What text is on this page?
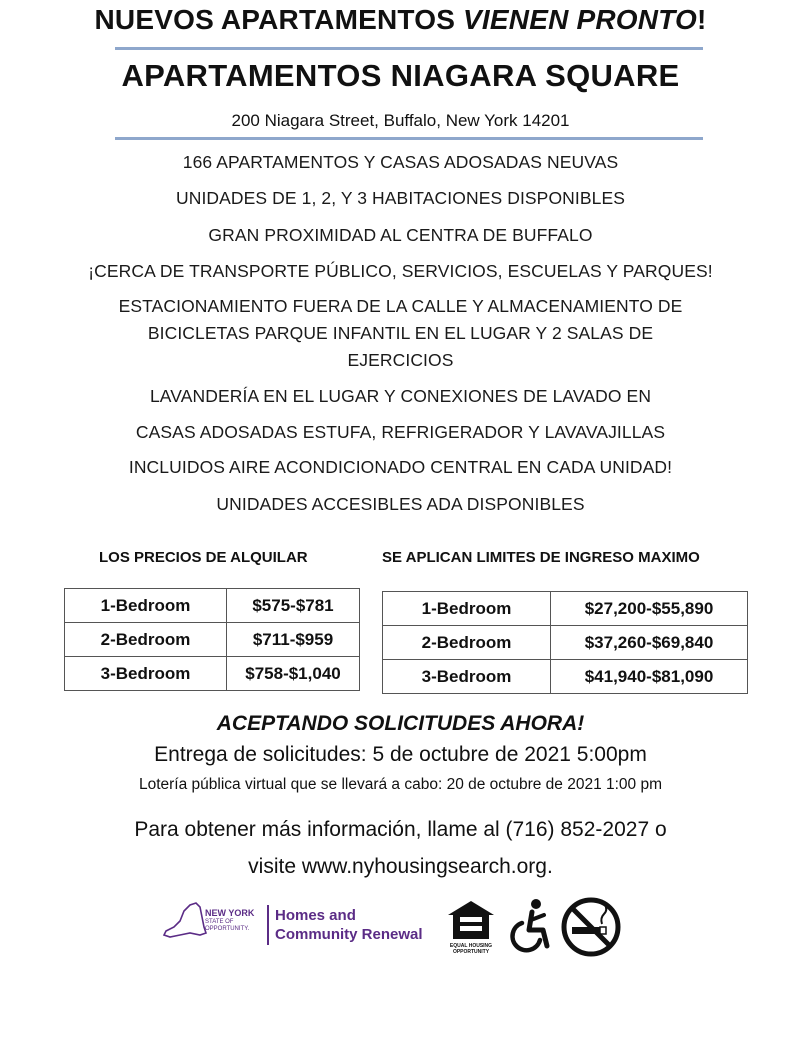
NUEVOS APARTAMENTOS VIENEN PRONTO!
APARTAMENTOS NIAGARA SQUARE
200 Niagara Street, Buffalo, New York 14201
166 APARTAMENTOS Y CASAS ADOSADAS NEUVAS
UNIDADES DE 1, 2, Y 3 HABITACIONES DISPONIBLES
GRAN PROXIMIDAD AL CENTRA DE BUFFALO
¡CERCA DE TRANSPORTE PÚBLICO, SERVICIOS, ESCUELAS Y PARQUES!
ESTACIONAMIENTO FUERA DE LA CALLE Y ALMACENAMIENTO DE
BICICLETAS PARQUE INFANTIL EN EL LUGAR Y 2 SALAS DE
EJERCICIOS
LAVANDERÍA EN EL LUGAR Y CONEXIONES DE LAVADO EN
CASAS ADOSADAS ESTUFA, REFRIGERADOR Y LAVAVAJILLAS
INCLUIDOS AIRE ACONDICIONADO CENTRAL EN CADA UNIDAD!
UNIDADES ACCESIBLES ADA DISPONIBLES
LOS PRECIOS DE ALQUILAR	SE APLICAN LIMITES DE INGRESO MAXIMO
1-Bedroom	$575-$781
2-Bedroom	$711-$959
3-Bedroom	$758-$1,040
1-Bedroom	$27,200-$55,890
2-Bedroom	$37,260-$69,840
3-Bedroom	$41,940-$81,090
ACEPTANDO SOLICITUDES AHORA!
Entrega de solicitudes: 5 de octubre de 2021 5:00pm
Lotería pública virtual que se llevará a cabo: 20 de octubre de 2021 1:00 pm
Para obtener más información, llame al (716) 852-2027 o
visite www.nyhousingsearch.org.
NEW YORK
STATE OF
OPPORTUNITY.
Homes and
Community Renewal
EQUAL HOUSING
OPPORTUNITY
